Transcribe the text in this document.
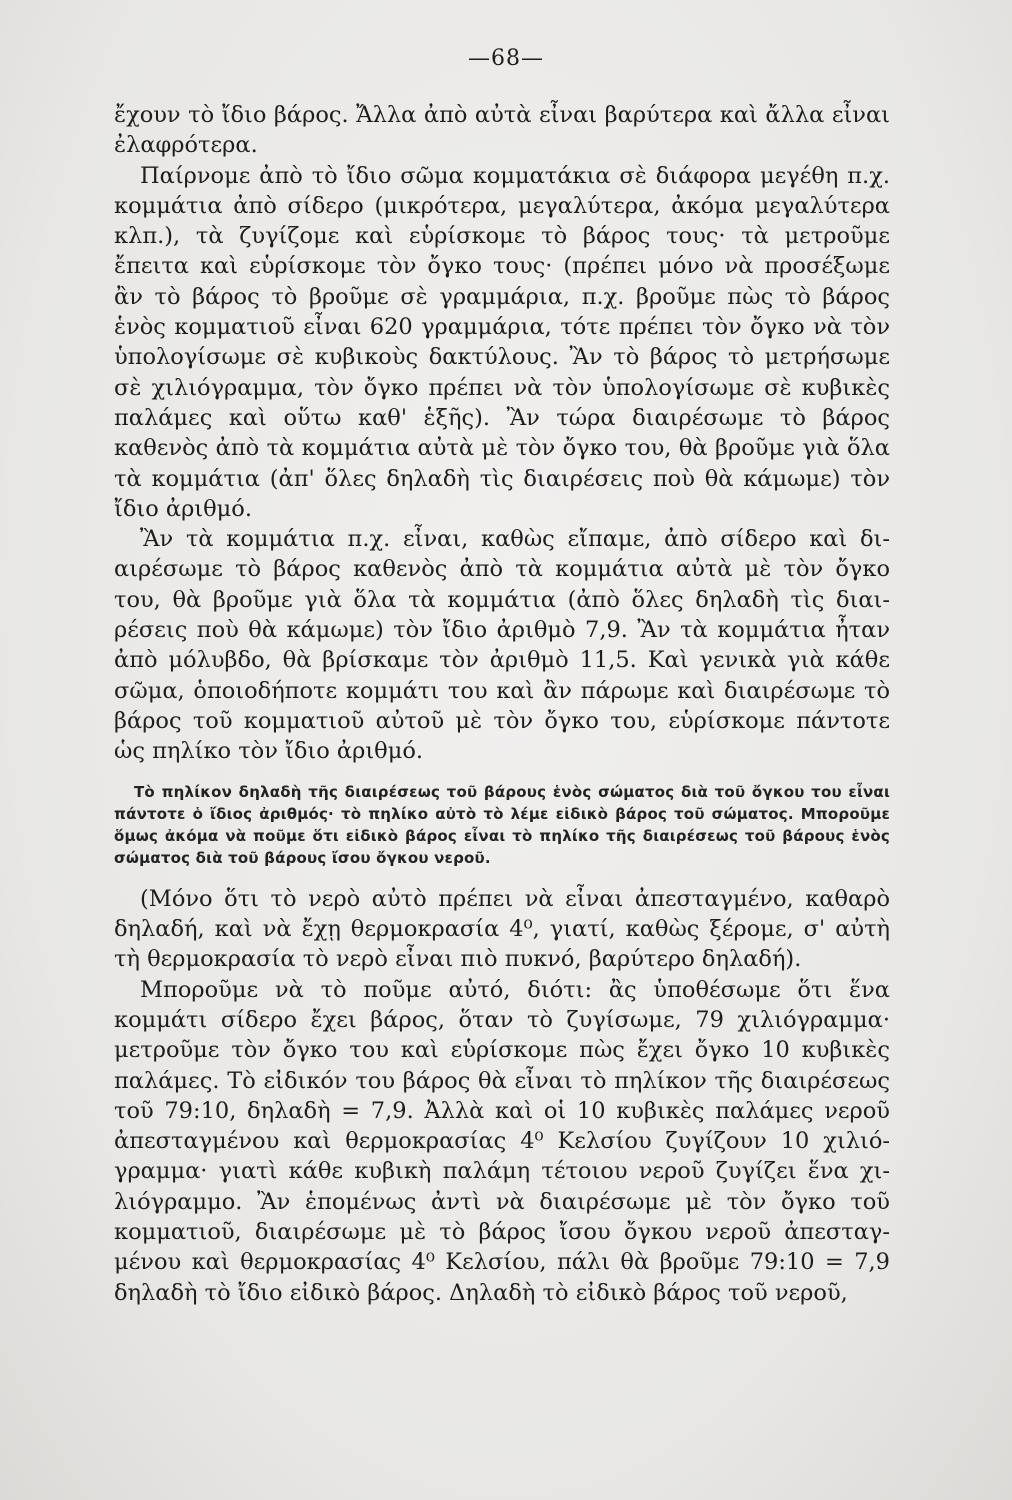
—68—

ἔχουν τὸ ἴδιο βάρος. Ἄλλα ἀπὸ αὐτὰ εἶναι βαρύτερα καὶ ἄλλα εἶναι ἐλαφρότερα.

Παίρνομε ἀπὸ τὸ ἴδιο σῶμα κομματάκια σὲ διάφορα μεγέθη π.χ. κομμάτια ἀπὸ σίδερο (μικρότερα, μεγαλύτερα, ἀκόμα μεγαλύτερα κλπ.), τὰ ζυγίζομε καὶ εὑρίσκομε τὸ βάρος τους· τὰ μετροῦμε ἔπειτα καὶ εὑρίσκομε τὸν ὄγκο τους· (πρέπει μόνο νὰ προσέξωμε ἂν τὸ βάρος τὸ βροῦμε σὲ γραμμάρια, π.χ. βροῦμε πὼς τὸ βάρος ἑνὸς κομματιοῦ εἶναι 620 γραμμάρια, τότε πρέπει τὸν ὄγκο νὰ τὸν ὑπολογίσωμε σὲ κυβικοὺς δακτύλους. Ἂν τὸ βάρος τὸ μετρήσωμε σὲ χιλιόγραμμα, τὸν ὄγκο πρέπει νὰ τὸν ὑπολογίσωμε σὲ κυβικὲς παλάμες καὶ οὕτω καθ' ἑξῆς). Ἂν τώρα διαιρέσωμε τὸ βάρος καθενὸς ἀπὸ τὰ κομμάτια αὐτὰ μὲ τὸν ὄγκο του, θὰ βροῦμε γιὰ ὅλα τὰ κομμάτια (ἀπ' ὅλες δηλαδὴ τὶς διαιρέσεις ποὺ θὰ κάμωμε) τὸν ἴδιο ἀριθμό.

Ἂν τὰ κομμάτια π.χ. εἶναι, καθὼς εἴπαμε, ἀπὸ σίδερο καὶ διαιρέσωμε τὸ βάρος καθενὸς ἀπὸ τὰ κομμάτια αὐτὰ μὲ τὸν ὄγκο του, θὰ βροῦμε γιὰ ὅλα τὰ κομμάτια (ἀπὸ ὅλες δηλαδὴ τὶς διαιρέσεις ποὺ θὰ κάμωμε) τὸν ἴδιο ἀριθμὸ 7,9. Ἂν τὰ κομμάτια ἦταν ἀπὸ μόλυβδο, θὰ βρίσκαμε τὸν ἀριθμὸ 11,5. Καὶ γενικὰ γιὰ κάθε σῶμα, ὁποιοδήποτε κομμάτι του καὶ ἂν πάρωμε καὶ διαιρέσωμε τὸ βάρος τοῦ κομματιοῦ αὐτοῦ μὲ τὸν ὄγκο του, εὑρίσκομε πάντοτε ὡς πηλίκο τὸν ἴδιο ἀριθμό.

Τὸ πηλίκον δηλαδὴ τῆς διαιρέσεως τοῦ βάρους ἑνὸς σώματος διὰ τοῦ ὄγκου του εἶναι πάντοτε ὁ ἴδιος ἀριθμός· τὸ πηλίκο αὐτὸ τὸ λέμε εἰδικὸ βάρος τοῦ σώματος. Μποροῦμε ὅμως ἀκόμα νὰ ποῦμε ὅτι εἰδικὸ βάρος εἶναι τὸ πηλίκο τῆς διαιρέσεως τοῦ βάρους ἑνὸς σώματος διὰ τοῦ βάρους ἴσου ὄγκου νεροῦ.

(Μόνο ὅτι τὸ νερὸ αὐτὸ πρέπει νὰ εἶναι ἀπεσταγμένο, καθαρὸ δηλαδή, καὶ νὰ ἔχῃ θερμοκρασία 4⁰, γιατί, καθὼς ξέρομε, σ' αὐτὴ τὴ θερμοκρασία τὸ νερὸ εἶναι πιὸ πυκνό, βαρύτερο δηλαδή).

Μποροῦμε νὰ τὸ ποῦμε αὐτό, διότι: ἂς ὑποθέσωμε ὅτι ἕνα κομμάτι σίδερο ἔχει βάρος, ὅταν τὸ ζυγίσωμε, 79 χιλιόγραμμα· μετροῦμε τὸν ὄγκο του καὶ εὑρίσκομε πὼς ἔχει ὄγκο 10 κυβικὲς παλάμες. Τὸ εἰδικόν του βάρος θὰ εἶναι τὸ πηλίκον τῆς διαιρέσεως τοῦ 79:10, δηλαδὴ = 7,9. Ἀλλὰ καὶ οἱ 10 κυβικὲς παλάμες νεροῦ ἀπεσταγμένου καὶ θερμοκρασίας 4⁰ Κελσίου ζυγίζουν 10 χιλιόγραμμα· γιατὶ κάθε κυβικὴ παλάμη τέτοιου νεροῦ ζυγίζει ἕνα χιλιόγραμμο. Ἂν ἑπομένως ἀντὶ νὰ διαιρέσωμε μὲ τὸν ὄγκο τοῦ κομματιοῦ, διαιρέσωμε μὲ τὸ βάρος ἴσου ὄγκου νεροῦ ἀπεσταγμένου καὶ θερμοκρασίας 4⁰ Κελσίου, πάλι θὰ βροῦμε 79:10 = 7,9 δηλαδὴ τὸ ἴδιο εἰδικὸ βάρος. Δηλαδὴ τὸ εἰδικὸ βάρος τοῦ νεροῦ,
